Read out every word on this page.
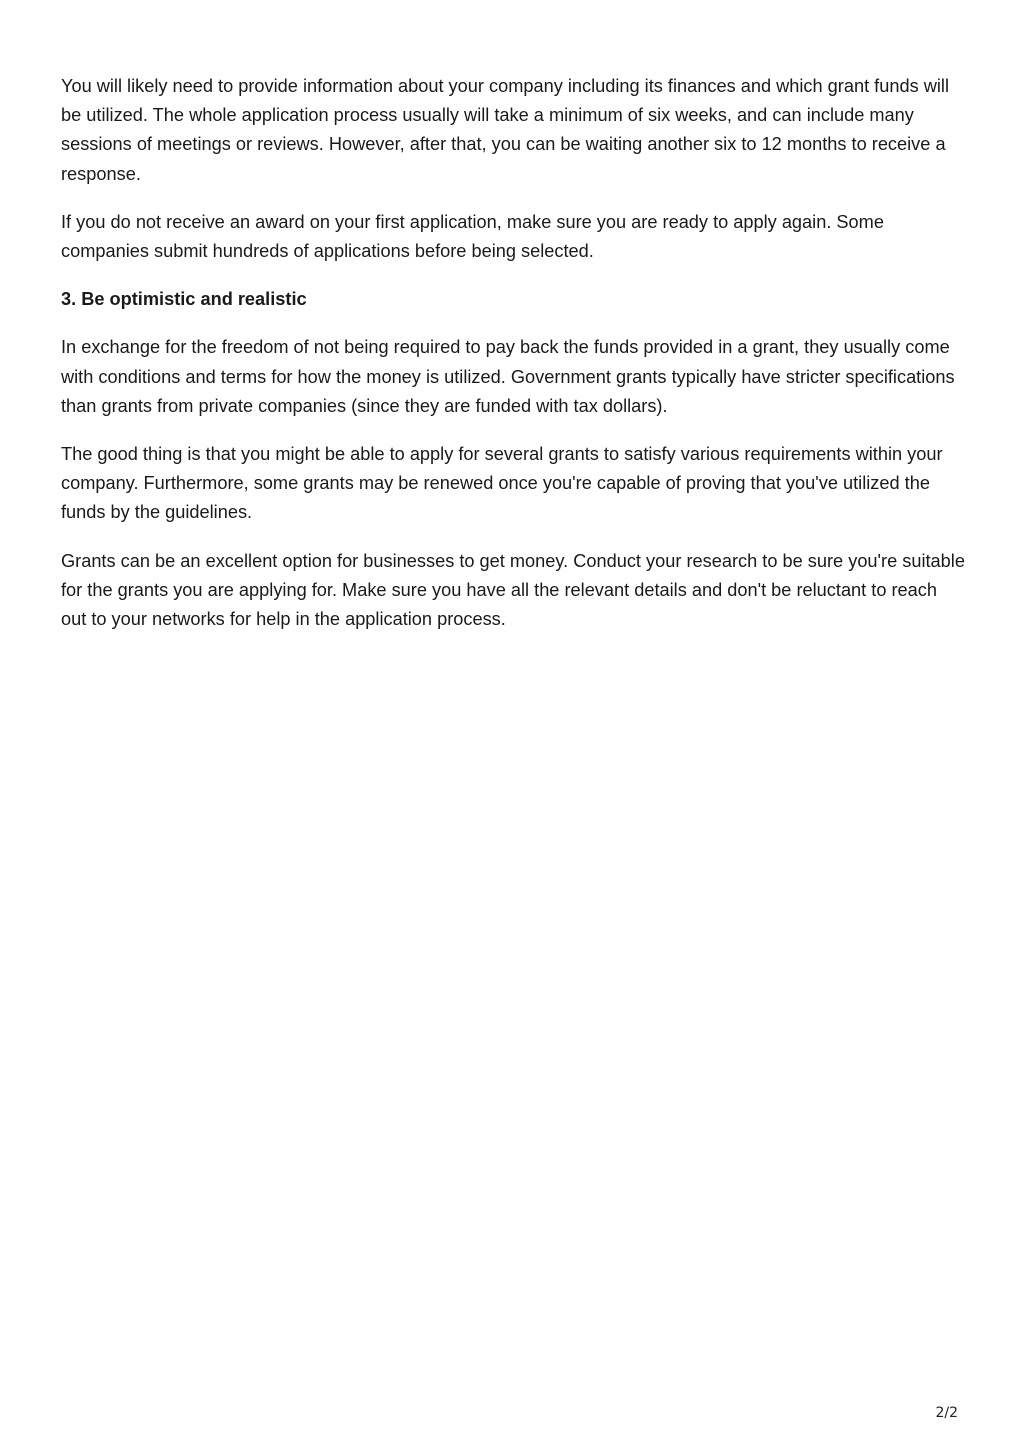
You will likely need to provide information about your company including its finances and which grant funds will be utilized. The whole application process usually will take a minimum of six weeks, and can include many sessions of meetings or reviews. However, after that, you can be waiting another six to 12 months to receive a response.

If you do not receive an award on your first application, make sure you are ready to apply again. Some companies submit hundreds of applications before being selected.

3. Be optimistic and realistic

In exchange for the freedom of not being required to pay back the funds provided in a grant, they usually come with conditions and terms for how the money is utilized. Government grants typically have stricter specifications than grants from private companies (since they are funded with tax dollars).

The good thing is that you might be able to apply for several grants to satisfy various requirements within your company. Furthermore, some grants may be renewed once you're capable of proving that you've utilized the funds by the guidelines.

Grants can be an excellent option for businesses to get money. Conduct your research to be sure you're suitable for the grants you are applying for. Make sure you have all the relevant details and don't be reluctant to reach out to your networks for help in the application process.

2/2
